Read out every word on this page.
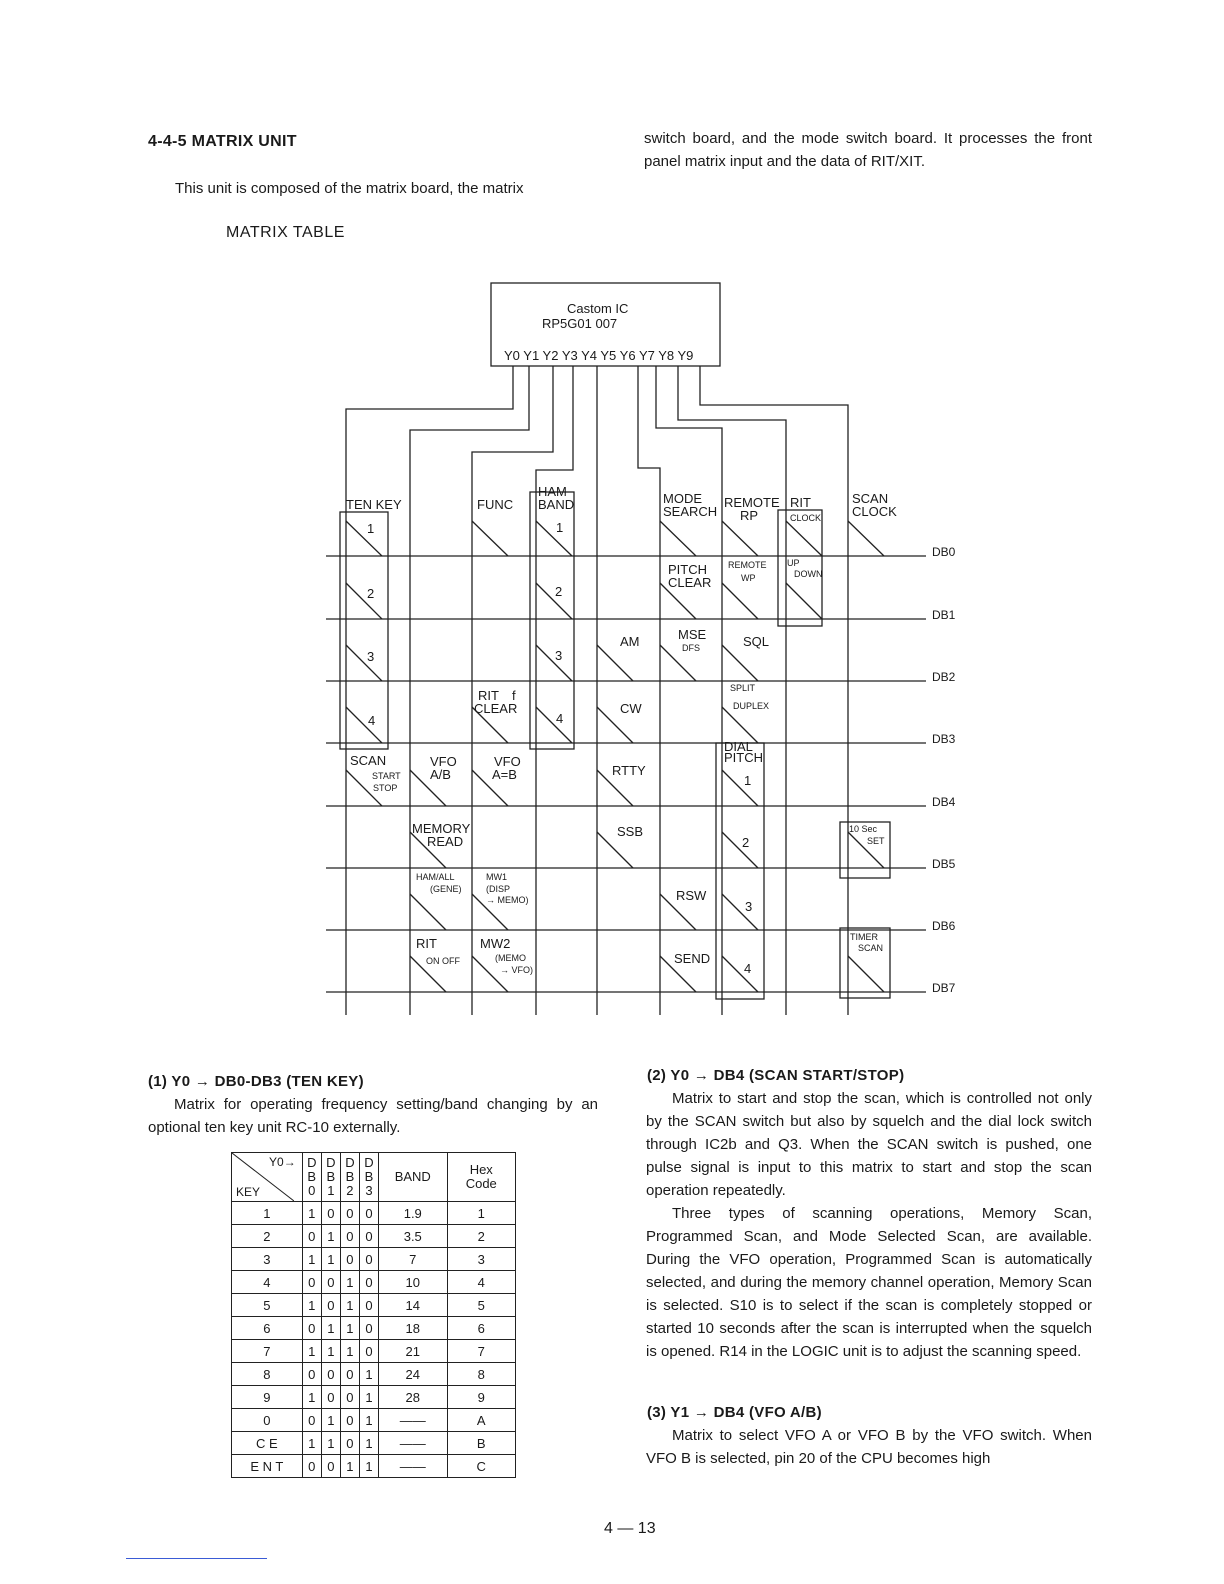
4-4-5 MATRIX UNIT
This unit is composed of the matrix board, the matrix
switch board, and the mode switch board. It processes the front panel matrix input and the data of RIT/XIT.
MATRIX TABLE
Castom IC
RP5G01 007
Y0 Y1 Y2 Y3 Y4 Y5 Y6 Y7 Y8 Y9
DB0
DB1
DB2
DB3
DB4
DB5
DB6
DB7
TEN KEY	FUNC
HAM
BAND	MODE
SEARCH
REMOTE
RP
RIT
CLOCK
SCAN
CLOCK
1
2
3
4
1
2
3
4
PITCH
CLEAR
REMOTE
WP
UP
DOWN
AM	MSE
DFS	SQL
RIT f
CLEAR	CW
SPLIT
DUPLEX
SCAN
START
STOP
VFO
A/B
VFO
A=B	RTTY
DIAL
PITCH
1
MEMORY
READ
SSB
2
10 Sec
SET
HAM/ALL
(GENE)
MW1
(DISP
→ MEMO)	RSW
3
TIMER
SCAN
RIT
ON OFF
MW2
(MEMO
→ VFO)
SEND
4
(1) Y0 → DB0-DB3 (TEN KEY)
Matrix for operating frequency setting/band changing by an optional ten key unit RC-10 externally.
Y0→
KEY	D
B
0	D
B
1	D
B
2	D
B
3	BAND	Hex
Code
1	1	0	0	0	1.9	1
2	0	1	0	0	3.5	2
3	1	1	0	0	7	3
4	0	0	1	0	10	4
5	1	0	1	0	14	5
6	0	1	1	0	18	6
7	1	1	1	0	21	7
8	0	0	0	1	24	8
9	1	0	0	1	28	9
0	0	1	0	1	——	A
C E	1	1	0	1	——	B
E N T	0	0	1	1	——	C
(2) Y0 → DB4 (SCAN START/STOP)
Matrix to start and stop the scan, which is controlled not only by the SCAN switch but also by squelch and the dial lock switch through IC2b and Q3. When the SCAN switch is pushed, one pulse signal is input to this matrix to start and stop the scan operation repeatedly.
Three types of scanning operations, Memory Scan, Programmed Scan, and Mode Selected Scan, are available. During the VFO operation, Programmed Scan is automatically selected, and during the memory channel operation, Memory Scan is selected. S10 is to select if the scan is completely stopped or started 10 seconds after the scan is interrupted when the squelch is opened. R14 in the LOGIC unit is to adjust the scanning speed.
(3) Y1 → DB4 (VFO A/B)
Matrix to select VFO A or VFO B by the VFO switch. When VFO B is selected, pin 20 of the CPU becomes high
4 — 13
